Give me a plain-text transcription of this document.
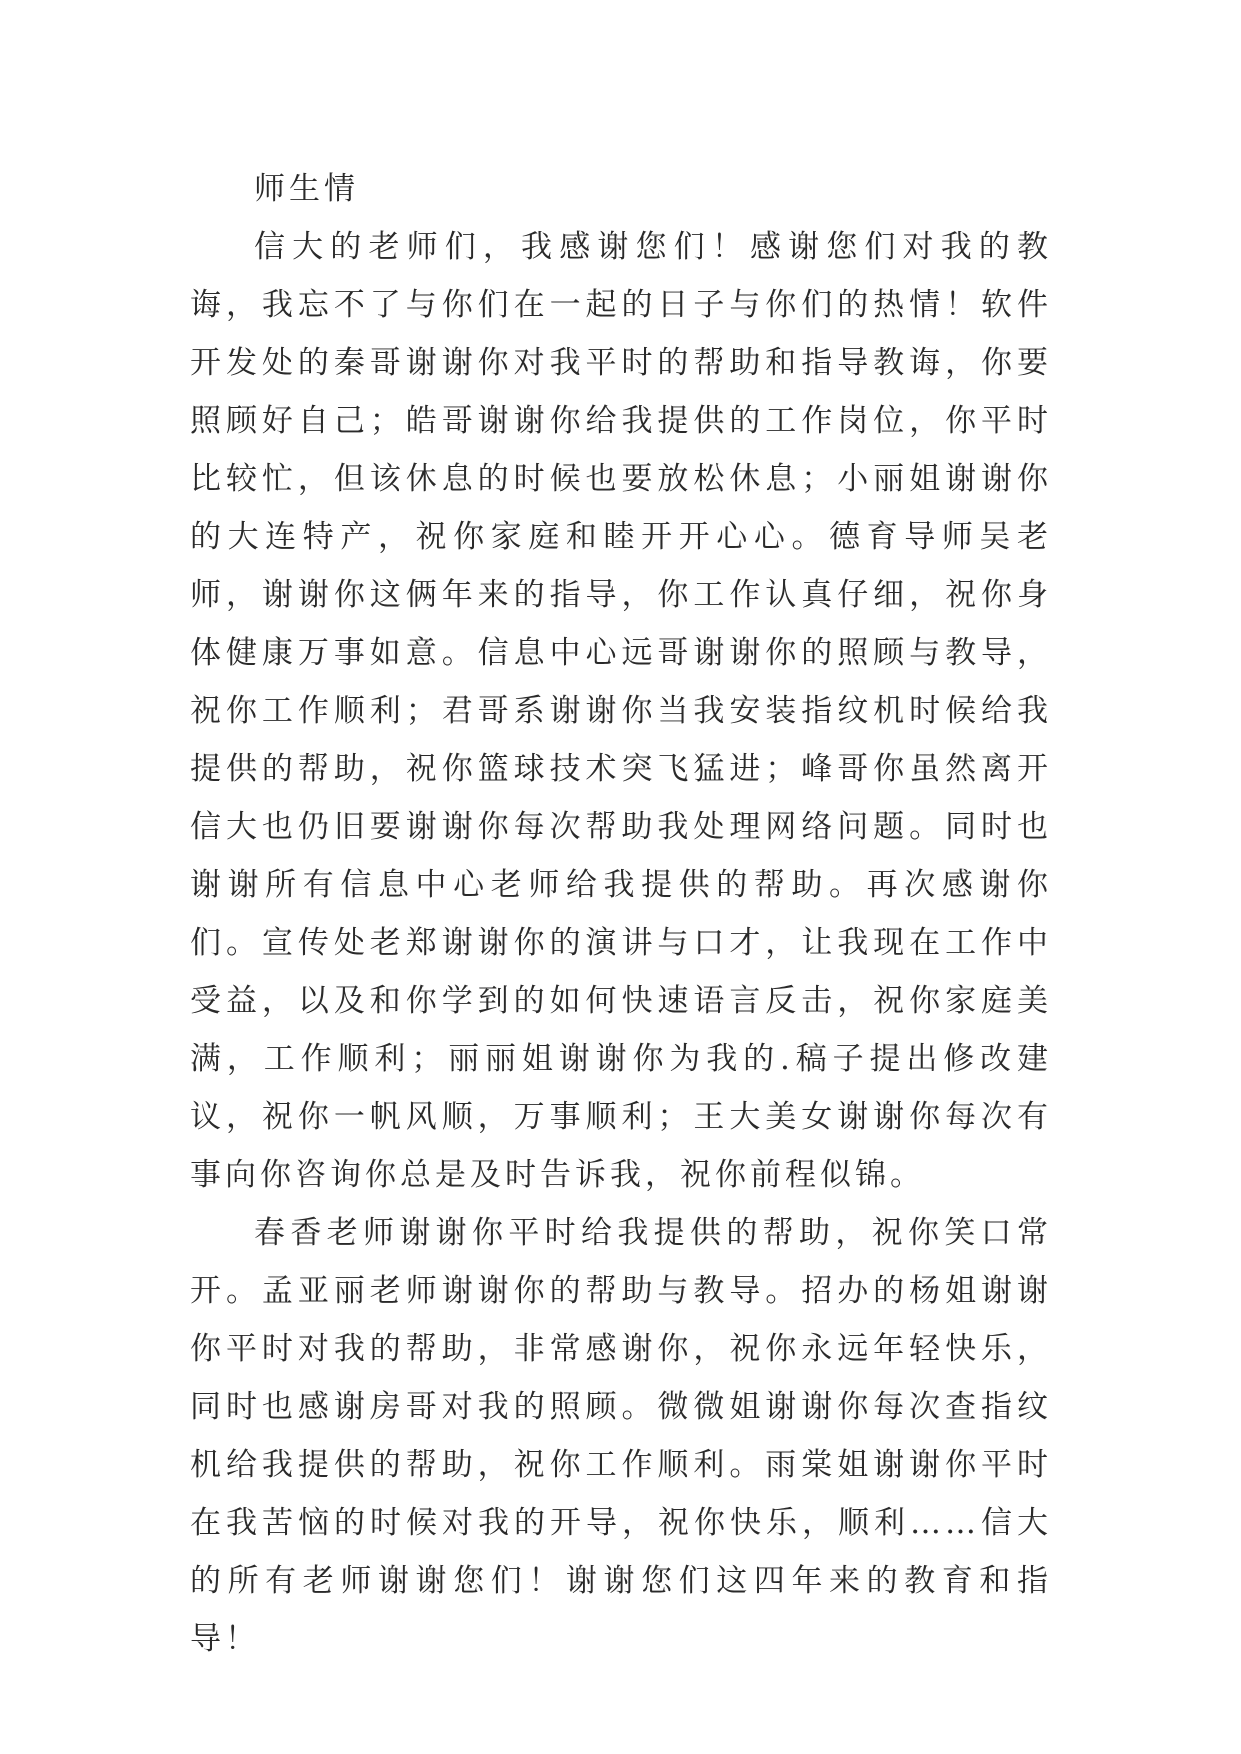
师生情

信大的老师们，我感谢您们！感谢您们对我的教诲，我忘不了与你们在一起的日子与你们的热情！软件开发处的秦哥谢谢你对我平时的帮助和指导教诲，你要照顾好自己；皓哥谢谢你给我提供的工作岗位，你平时比较忙，但该休息的时候也要放松休息；小丽姐谢谢你的大连特产，祝你家庭和睦开开心心。德育导师吴老师，谢谢你这俩年来的指导，你工作认真仔细，祝你身体健康万事如意。信息中心远哥谢谢你的照顾与教导，祝你工作顺利；君哥系谢谢你当我安装指纹机时候给我提供的帮助，祝你篮球技术突飞猛进；峰哥你虽然离开信大也仍旧要谢谢你每次帮助我处理网络问题。同时也谢谢所有信息中心老师给我提供的帮助。再次感谢你们。宣传处老郑谢谢你的演讲与口才，让我现在工作中受益，以及和你学到的如何快速语言反击，祝你家庭美满，工作顺利；丽丽姐谢谢你为我的.稿子提出修改建议，祝你一帆风顺，万事顺利；王大美女谢谢你每次有事向你咨询你总是及时告诉我，祝你前程似锦。

春香老师谢谢你平时给我提供的帮助，祝你笑口常开。孟亚丽老师谢谢你的帮助与教导。招办的杨姐谢谢你平时对我的帮助，非常感谢你，祝你永远年轻快乐，同时也感谢房哥对我的照顾。微微姐谢谢你每次查指纹机给我提供的帮助，祝你工作顺利。雨棠姐谢谢你平时在我苦恼的时候对我的开导，祝你快乐，顺利……信大的所有老师谢谢您们！谢谢您们这四年来的教育和指导！
